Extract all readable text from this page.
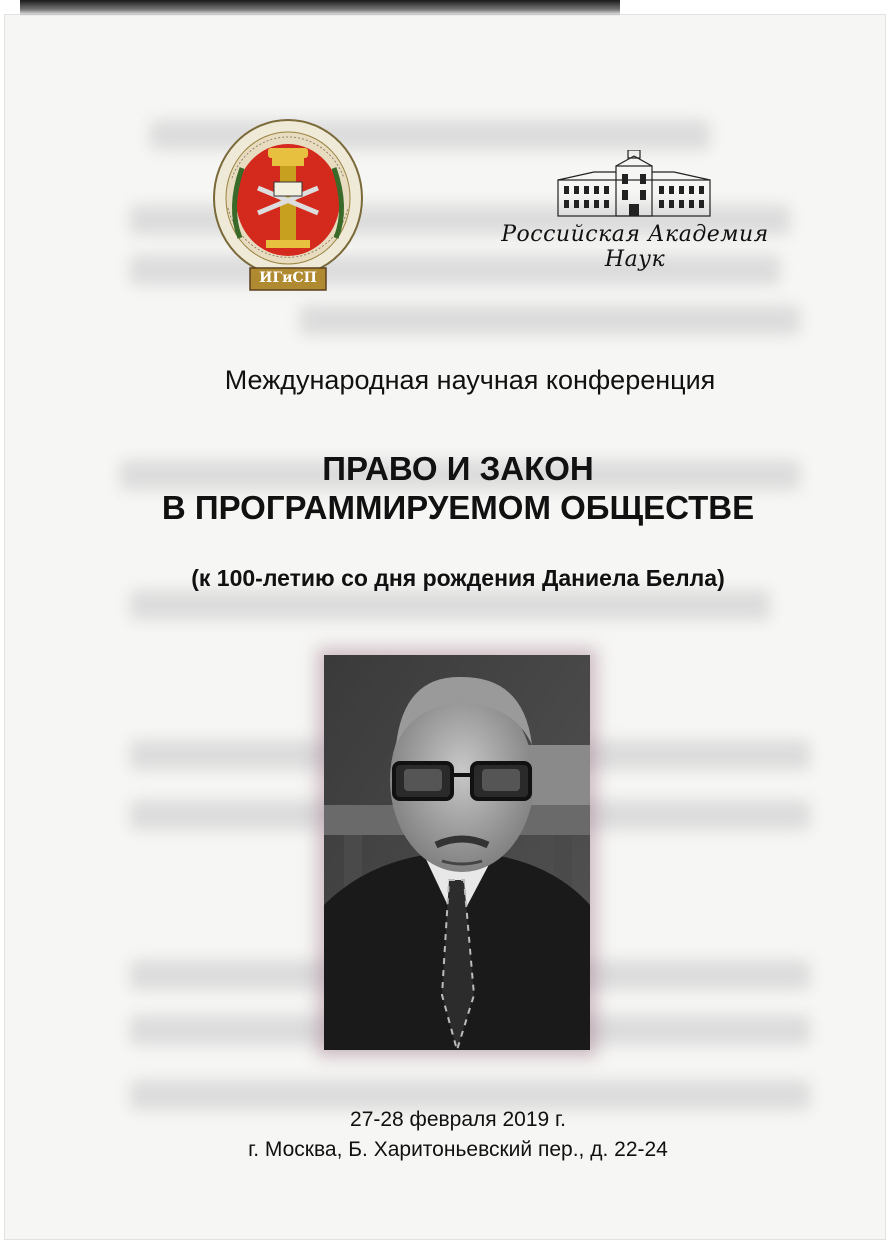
ИГиСП
Российская Академия Наук
Международная научная конференция
ПРАВО И ЗАКОН
В ПРОГРАММИРУЕМОМ ОБЩЕСТВЕ
(к 100-летию со дня рождения Даниела Белла)
27-28 февраля 2019 г.
г. Москва, Б. Харитоньевский пер., д. 22-24
